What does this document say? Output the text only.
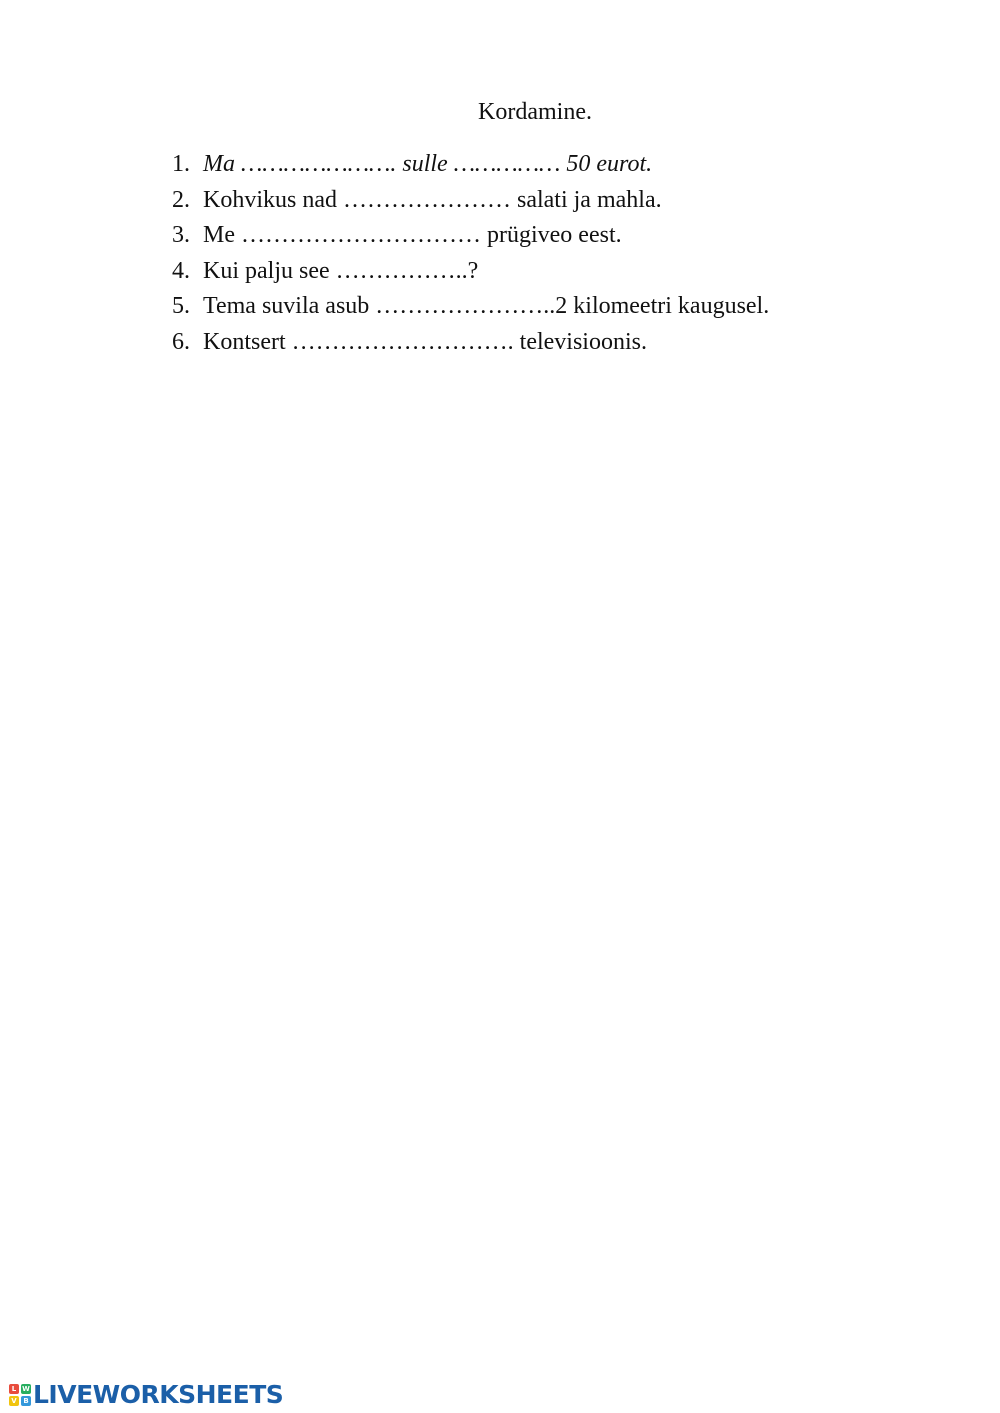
Kordamine.
1. Ma …………………. sulle …………… 50 eurot.
2. Kohvikus nad ………………… salati ja mahla.
3. Me ………………………… prügiveo eest.
4. Kui palju see ……………..?
5. Tema suvila asub …………………..2 kilomeetri kaugusel.
6. Kontsert ………………………. televisioonis.
L W
V B LIVEWORKSHEETS
